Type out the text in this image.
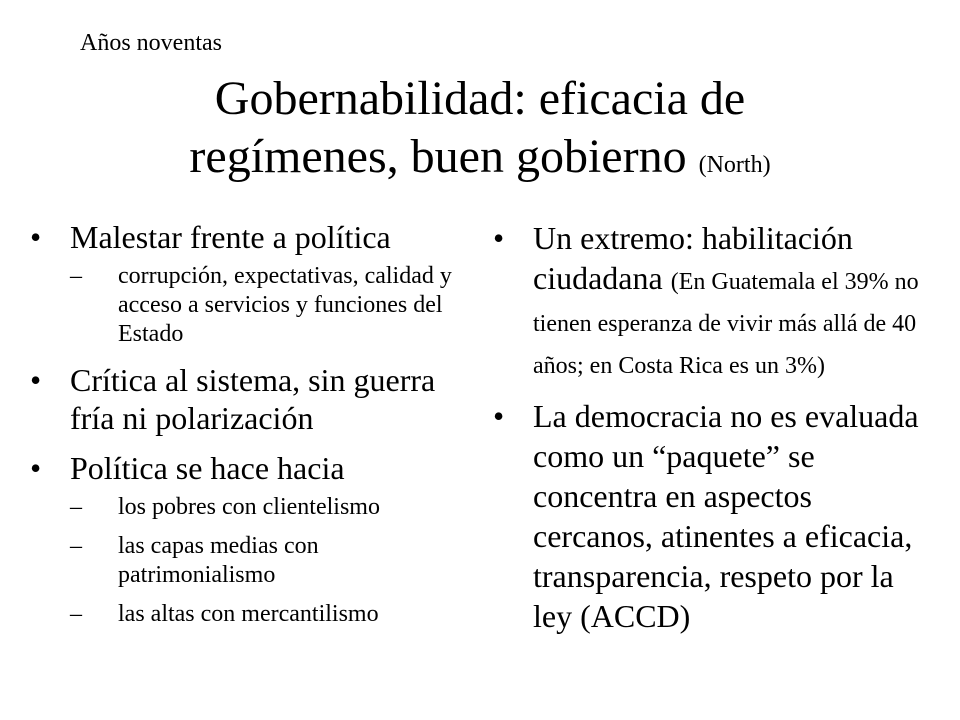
Años noventas
Gobernabilidad: eficacia de
regímenes, buen gobierno (North)
• Malestar frente a política
– corrupción, expectativas, calidad y acceso a servicios y funciones del Estado
• Crítica al sistema, sin guerra fría ni polarización
• Política se hace hacia
– los pobres con clientelismo
– las capas medias con patrimonialismo
– las altas con mercantilismo
• Un extremo: habilitación ciudadana (En Guatemala el 39% no tienen esperanza de vivir más allá de 40 años; en Costa Rica es un 3%)
• La democracia no es evaluada como un “paquete” se concentra en aspectos cercanos, atinentes a eficacia, transparencia, respeto por la ley (ACCD)
